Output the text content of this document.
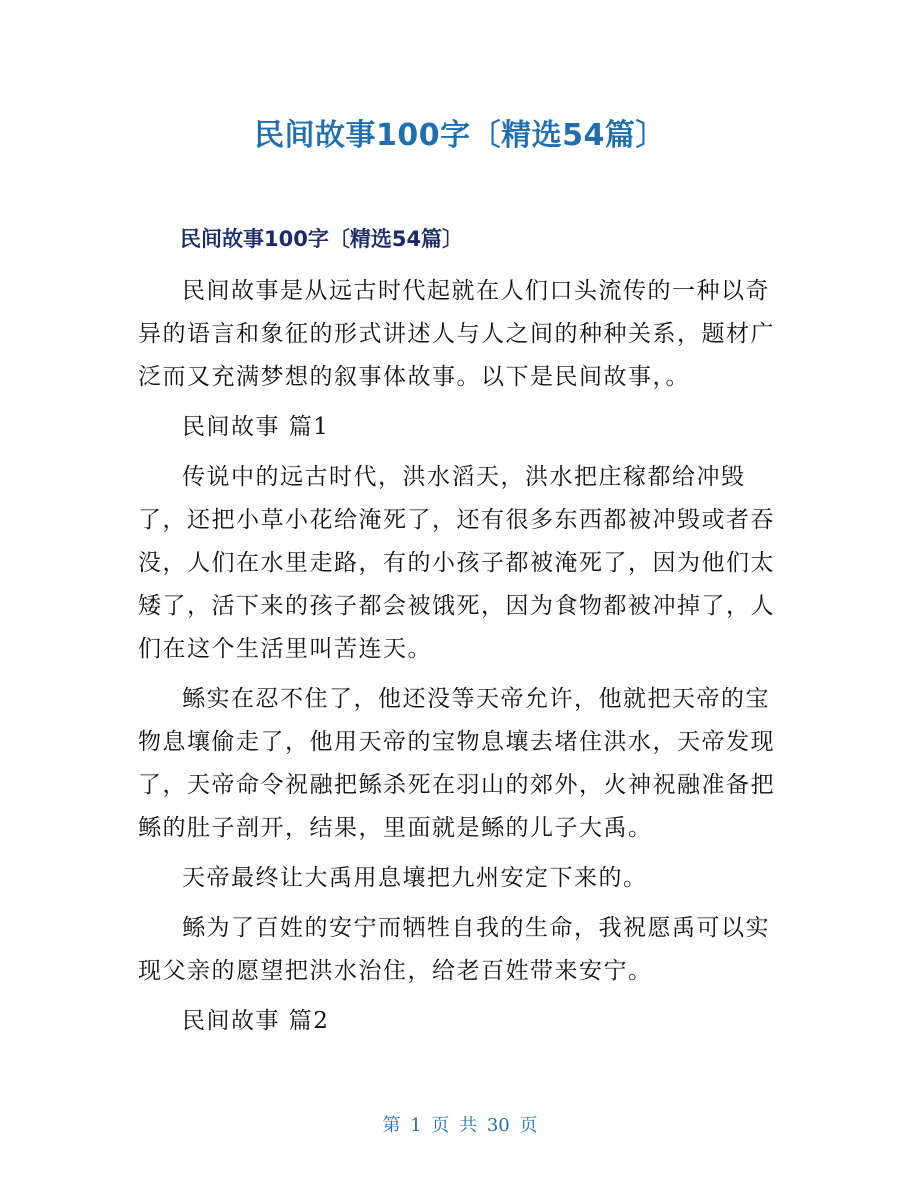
民间故事100字〔精选54篇〕
民间故事100字〔精选54篇〕

民间故事是从远古时代起就在人们口头流传的一种以奇异的语言和象征的形式讲述人与人之间的种种关系，题材广泛而又充满梦想的叙事体故事。以下是民间故事，。

民间故事 篇1

传说中的远古时代，洪水滔天，洪水把庄稼都给冲毁了，还把小草小花给淹死了，还有很多东西都被冲毁或者吞没，人们在水里走路，有的小孩子都被淹死了，因为他们太矮了，活下来的孩子都会被饿死，因为食物都被冲掉了，人们在这个生活里叫苦连天。

鲧实在忍不住了，他还没等天帝允许，他就把天帝的宝物息壤偷走了，他用天帝的宝物息壤去堵住洪水，天帝发现了，天帝命令祝融把鲧杀死在羽山的郊外，火神祝融准备把鲧的肚子剖开，结果，里面就是鲧的儿子大禹。

天帝最终让大禹用息壤把九州安定下来的。

鲧为了百姓的安宁而牺牲自我的生命，我祝愿禹可以实现父亲的愿望把洪水治住，给老百姓带来安宁。

民间故事 篇2

第 1 页 共 30 页
